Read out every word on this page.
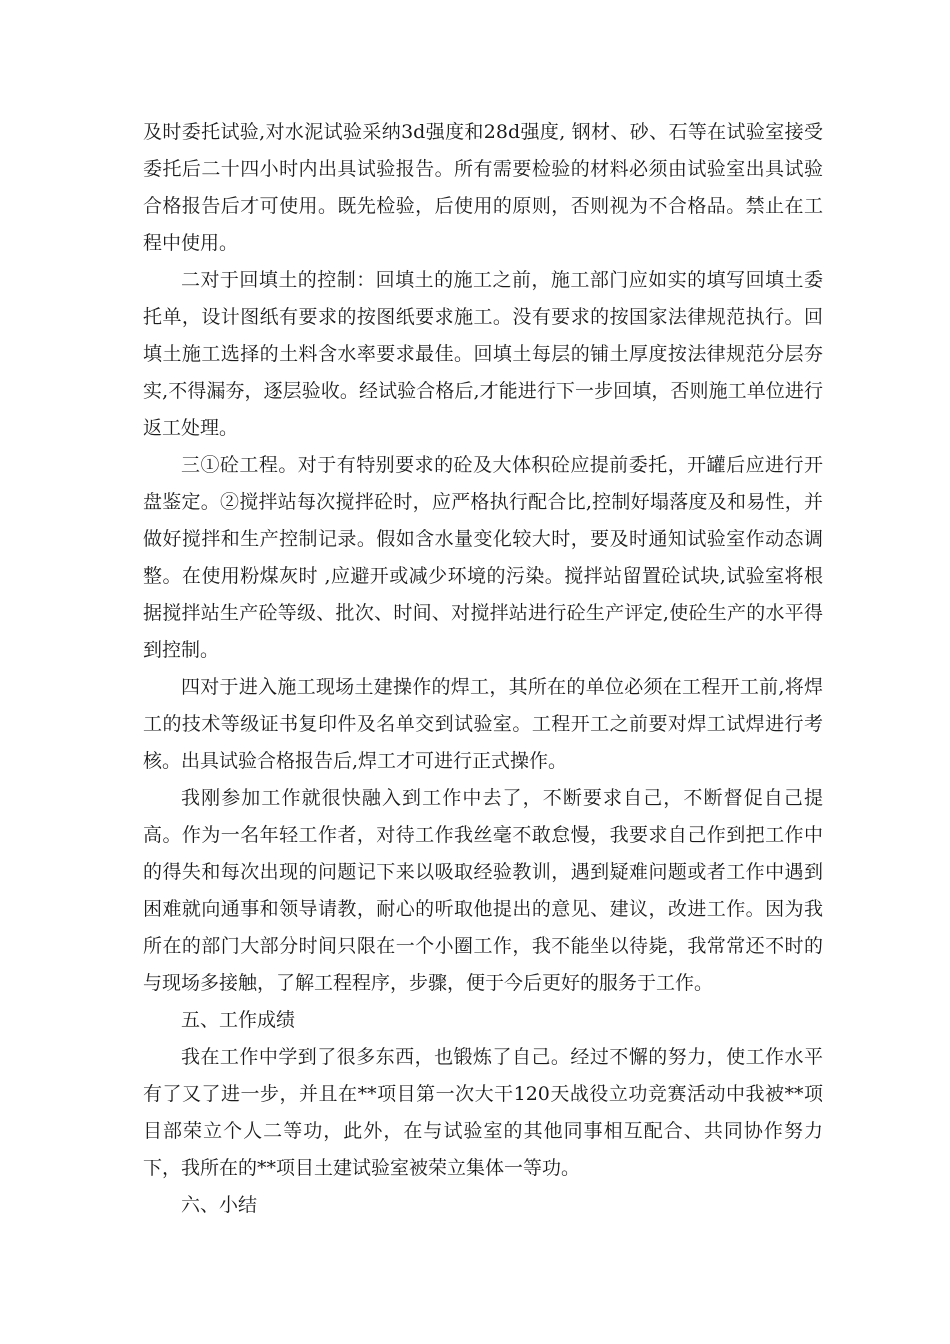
及时委托试验,对水泥试验采纳3d强度和28d强度, 钢材、砂、石等在试验室接受委托后二十四小时内出具试验报告。所有需要检验的材料必须由试验室出具试验合格报告后才可使用。既先检验，后使用的原则，否则视为不合格品。禁止在工程中使用。

二对于回填土的控制：回填土的施工之前，施工部门应如实的填写回填土委托单，设计图纸有要求的按图纸要求施工。没有要求的按国家法律规范执行。回填土施工选择的土料含水率要求最佳。回填土每层的铺土厚度按法律规范分层夯实,不得漏夯，逐层验收。经试验合格后,才能进行下一步回填，否则施工单位进行返工处理。

三①砼工程。对于有特别要求的砼及大体积砼应提前委托，开罐后应进行开盘鉴定。②搅拌站每次搅拌砼时，应严格执行配合比,控制好塌落度及和易性，并做好搅拌和生产控制记录。假如含水量变化较大时，要及时通知试验室作动态调整。在使用粉煤灰时 ,应避开或减少环境的污染。搅拌站留置砼试块,试验室将根据搅拌站生产砼等级、批次、时间、对搅拌站进行砼生产评定,使砼生产的水平得到控制。

四对于进入施工现场土建操作的焊工，其所在的单位必须在工程开工前,将焊工的技术等级证书复印件及名单交到试验室。工程开工之前要对焊工试焊进行考核。出具试验合格报告后,焊工才可进行正式操作。

我刚参加工作就很快融入到工作中去了，不断要求自己，不断督促自己提高。作为一名年轻工作者，对待工作我丝毫不敢怠慢，我要求自己作到把工作中的得失和每次出现的问题记下来以吸取经验教训，遇到疑难问题或者工作中遇到困难就向通事和领导请教，耐心的听取他提出的意见、建议，改进工作。因为我所在的部门大部分时间只限在一个小圈工作，我不能坐以待毙，我常常还不时的与现场多接触，了解工程程序，步骤，便于今后更好的服务于工作。

五、工作成绩

我在工作中学到了很多东西，也锻炼了自己。经过不懈的努力，使工作水平有了又了进一步，并且在**项目第一次大干120天战役立功竞赛活动中我被**项目部荣立个人二等功，此外，在与试验室的其他同事相互配合、共同协作努力下，我所在的**项目土建试验室被荣立集体一等功。

六、小结
